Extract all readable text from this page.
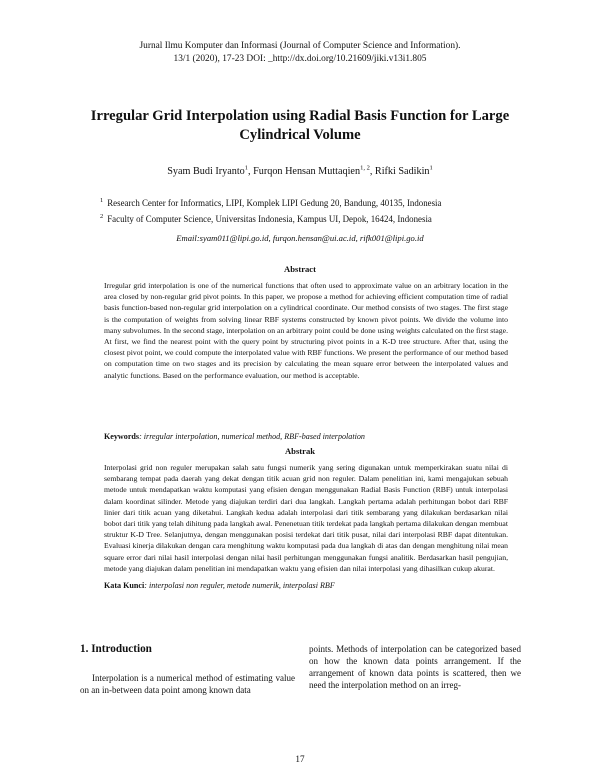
Jurnal Ilmu Komputer dan Informasi (Journal of Computer Science and Information).
13/1 (2020), 17-23 DOI: _http://dx.doi.org/10.21609/jiki.v13i1.805
Irregular Grid Interpolation using Radial Basis Function for Large
Cylindrical Volume
Syam Budi Iryanto$^1$, Furqon Hensan Muttaqien$^{1, 2}$, Rifki Sadikin$^1$
$^1$ Research Center for Informatics, LIPI, Komplek LIPI Gedung 20, Bandung, 40135, Indonesia
$^2$ Faculty of Computer Science, Universitas Indonesia, Kampus UI, Depok, 16424, Indonesia
Email:syam011@lipi.go.id, furqon.hensan@ui.ac.id, rifk001@lipi.go.id
Abstract
Irregular grid interpolation is one of the numerical functions that often used to approximate value on an arbitrary location in the area closed by non-regular grid pivot points. In this paper, we propose a method for achieving efficient computation time of radial basis function-based non-regular grid interpolation on a cylindrical coordinate. Our method consists of two stages. The first stage is the computation of weights from solving linear RBF systems constructed by known pivot points. We divide the volume into many subvolumes. In the second stage, interpolation on an arbitrary point could be done using weights calculated on the first stage. At first, we find the nearest point with the query point by structuring pivot points in a K-D tree structure. After that, using the closest pivot point, we could compute the interpolated value with RBF functions. We present the performance of our method based on computation time on two stages and its precision by calculating the mean square error between the interpolated values and analytic functions. Based on the performance evaluation, our method is acceptable.
Keywords: irregular interpolation, numerical method, RBF-based interpolation
Abstrak
Interpolasi grid non reguler merupakan salah satu fungsi numerik yang sering digunakan untuk memperkirakan suatu nilai di sembarang tempat pada daerah yang dekat dengan titik acuan grid non reguler. Dalam penelitian ini, kami mengajukan sebuah metode untuk mendapatkan waktu komputasi yang efisien dengan menggunakan Radial Basis Function (RBF) untuk interpolasi dalam koordinat silinder. Metode yang diajukan terdiri dari dua langkah. Langkah pertama adalah perhitungan bobot dari RBF linier dari titik acuan yang diketahui. Langkah kedua adalah interpolasi dari titik sembarang yang dilakukan berdasarkan nilai bobot dari titik yang telah dihitung pada langkah awal. Penenetuan titik terdekat pada langkah pertama dilakukan dengan membuat struktur K-D Tree. Selanjutnya, dengan menggunakan posisi terdekat dari titik pusat, nilai dari interpolasi RBF dapat ditentukan. Evaluasi kinerja dilakukan dengan cara menghitung waktu komputasi pada dua langkah di atas dan dengan menghitung nilai mean square error dari nilai hasil interpolasi dengan nilai hasil perhitungan menggunakan fungsi analitik. Berdasarkan hasil pengujian, metode yang diajukan dalam penelitian ini mendapatkan waktu yang efisien dan nilai interpolasi yang dihasilkan cukup akurat.
Kata Kunci: interpolasi non reguler, metode numerik, interpolasi RBF
1. Introduction
Interpolation is a numerical method of estimating value on an in-between data point among known data
points. Methods of interpolation can be categorized based on how the known data points arrangement. If the arrangement of known data points is scattered, then we need the interpolation method on an irreg-
17
